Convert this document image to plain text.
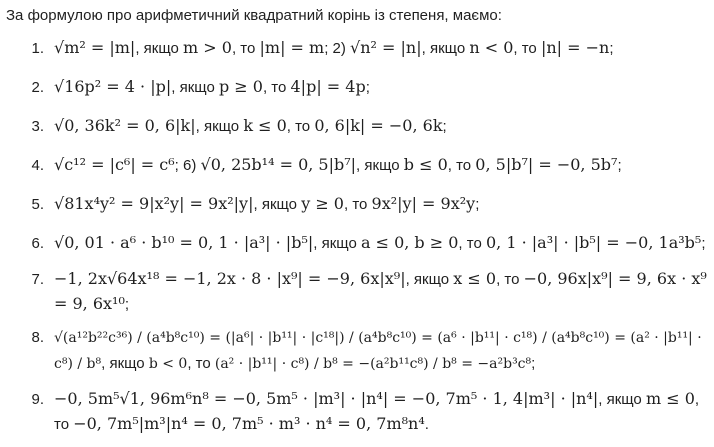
За формулою про арифметичний квадратний корінь із степеня, маємо:
1. √m² = |m|, якщо m > 0, то |m| = m; 2) √n² = |n|, якщо n < 0, то |n| = −n;
2. √16p² = 4 · |p|, якщо p ≥ 0, то 4|p| = 4p;
3. √0, 36k² = 0, 6|k|, якщо k ≤ 0, то 0, 6|k| = −0, 6k;
4. √c¹² = |c⁶| = c⁶; 6) √0, 25b¹⁴ = 0, 5|b⁷|, якщо b ≤ 0, то 0, 5|b⁷| = −0, 5b⁷;
5. √81x⁴y² = 9|x²y| = 9x²|y|, якщо y ≥ 0, то 9x²|y| = 9x²y;
6. √0, 01 · a⁶ · b¹⁰ = 0, 1 · |a³| · |b⁵|, якщо a ≤ 0, b ≥ 0, то 0, 1 · |a³| · |b⁵| = −0, 1a³b⁵;
7. −1, 2x√64x¹⁸ = −1, 2x · 8 · |x⁹| = −9, 6x|x⁹|, якщо x ≤ 0, то −0, 96x|x⁹| = 9, 6x · x⁹ = 9, 6x¹⁰;
8. √(a¹²b²²c³⁶) / (a⁴b⁸c¹⁰) = (|a⁶| · |b¹¹| · |c¹⁸|) / (a⁴b⁸c¹⁰) = (a⁶ · |b¹¹| · c¹⁸) / (a⁴b⁸c¹⁰) = (a² · |b¹¹| · c⁸) / b⁸, якщо b < 0, то (a² · |b¹¹| · c⁸) / b⁸ = −(a²b¹¹c⁸) / b⁸ = −a²b³c⁸;
9. −0, 5m⁵√1, 96m⁶n⁸ = −0, 5m⁵ · |m³| · |n⁴| = −0, 7m⁵ · 1, 4|m³| · |n⁴|, якщо m ≤ 0, то −0, 7m⁵|m³|n⁴ = 0, 7m⁵ · m³ · n⁴ = 0, 7m⁸n⁴.
